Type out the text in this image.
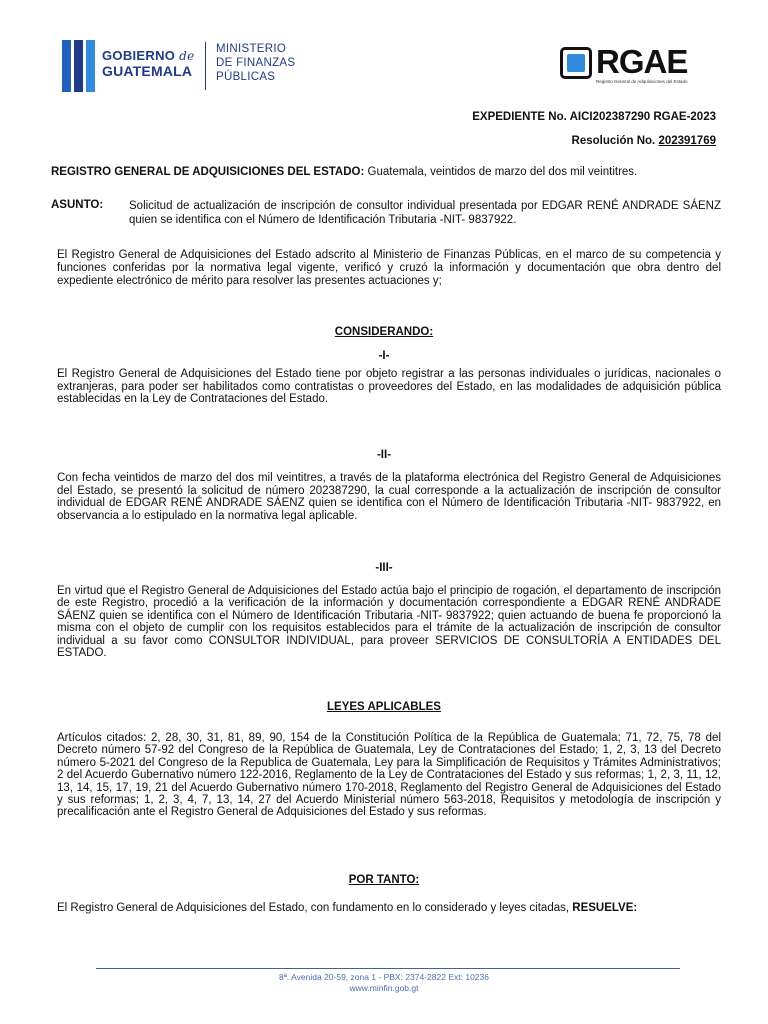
GOBIERNO de
GUATEMALA
MINISTERIO
DE FINANZAS
PÚBLICAS	RGAE
Registro General de Adquisiciones del Estado
EXPEDIENTE No. AICI202387290 RGAE-2023
Resolución No. 202391769
REGISTRO GENERAL DE ADQUISICIONES DEL ESTADO: Guatemala, veintidos de marzo del dos mil veintitres.
ASUNTO: Solicitud de actualización de inscripción de consultor individual presentada por EDGAR RENÉ ANDRADE SÁENZ quien se identifica con el Número de Identificación Tributaria -NIT- 9837922.
El Registro General de Adquisiciones del Estado adscrito al Ministerio de Finanzas Públicas, en el marco de su competencia y funciones conferidas por la normativa legal vigente, verificó y cruzó la información y documentación que obra dentro del expediente electrónico de mérito para resolver las presentes actuaciones y;
CONSIDERANDO:
-I-
El Registro General de Adquisiciones del Estado tiene por objeto registrar a las personas individuales o jurídicas, nacionales o extranjeras, para poder ser habilitados como contratistas o proveedores del Estado, en las modalidades de adquisición pública establecidas en la Ley de Contrataciones del Estado.
-II-
Con fecha veintidos de marzo del dos mil veintitres, a través de la plataforma electrónica del Registro General de Adquisiciones del Estado, se presentó la solicitud de número 202387290, la cual corresponde a la actualización de inscripción de consultor individual de EDGAR RENÉ ANDRADE SÁENZ quien se identifica con el Número de Identificación Tributaria -NIT- 9837922, en observancia a lo estipulado en la normativa legal aplicable.
-III-
En virtud que el Registro General de Adquisiciones del Estado actúa bajo el principio de rogación, el departamento de inscripción de este Registro, procedió a la verificación de la información y documentación correspondiente a EDGAR RENÉ ANDRADE SÁENZ quien se identifica con el Número de Identificación Tributaria -NIT- 9837922; quien actuando de buena fe proporcionó la misma con el objeto de cumplir con los requisitos establecidos para el trámite de la actualización de inscripción de consultor individual a su favor como CONSULTOR INDIVIDUAL, para proveer SERVICIOS DE CONSULTORÍA A ENTIDADES DEL ESTADO.
LEYES APLICABLES
Artículos citados: 2, 28, 30, 31, 81, 89, 90, 154 de la Constitución Política de la República de Guatemala; 71, 72, 75, 78 del Decreto número 57-92 del Congreso de la República de Guatemala, Ley de Contrataciones del Estado; 1, 2, 3, 13 del Decreto número 5-2021 del Congreso de la Republica de Guatemala, Ley para la Simplificación de Requisitos y Trámites Administrativos; 2 del Acuerdo Gubernativo número 122-2016, Reglamento de la Ley de Contrataciones del Estado y sus reformas; 1, 2, 3, 11, 12, 13, 14, 15, 17, 19, 21 del Acuerdo Gubernativo número 170-2018, Reglamento del Registro General de Adquisiciones del Estado y sus reformas; 1, 2, 3, 4, 7, 13, 14, 27 del Acuerdo Ministerial número 563-2018, Requisitos y metodología de inscripción y precalificación ante el Registro General de Adquisiciones del Estado y sus reformas.
POR TANTO:
El Registro General de Adquisiciones del Estado, con fundamento en lo considerado y leyes citadas, RESUELVE:
8ª. Avenida 20-59, zona 1 - PBX: 2374-2822 Ext: 10236
www.minfin.gob.gt
